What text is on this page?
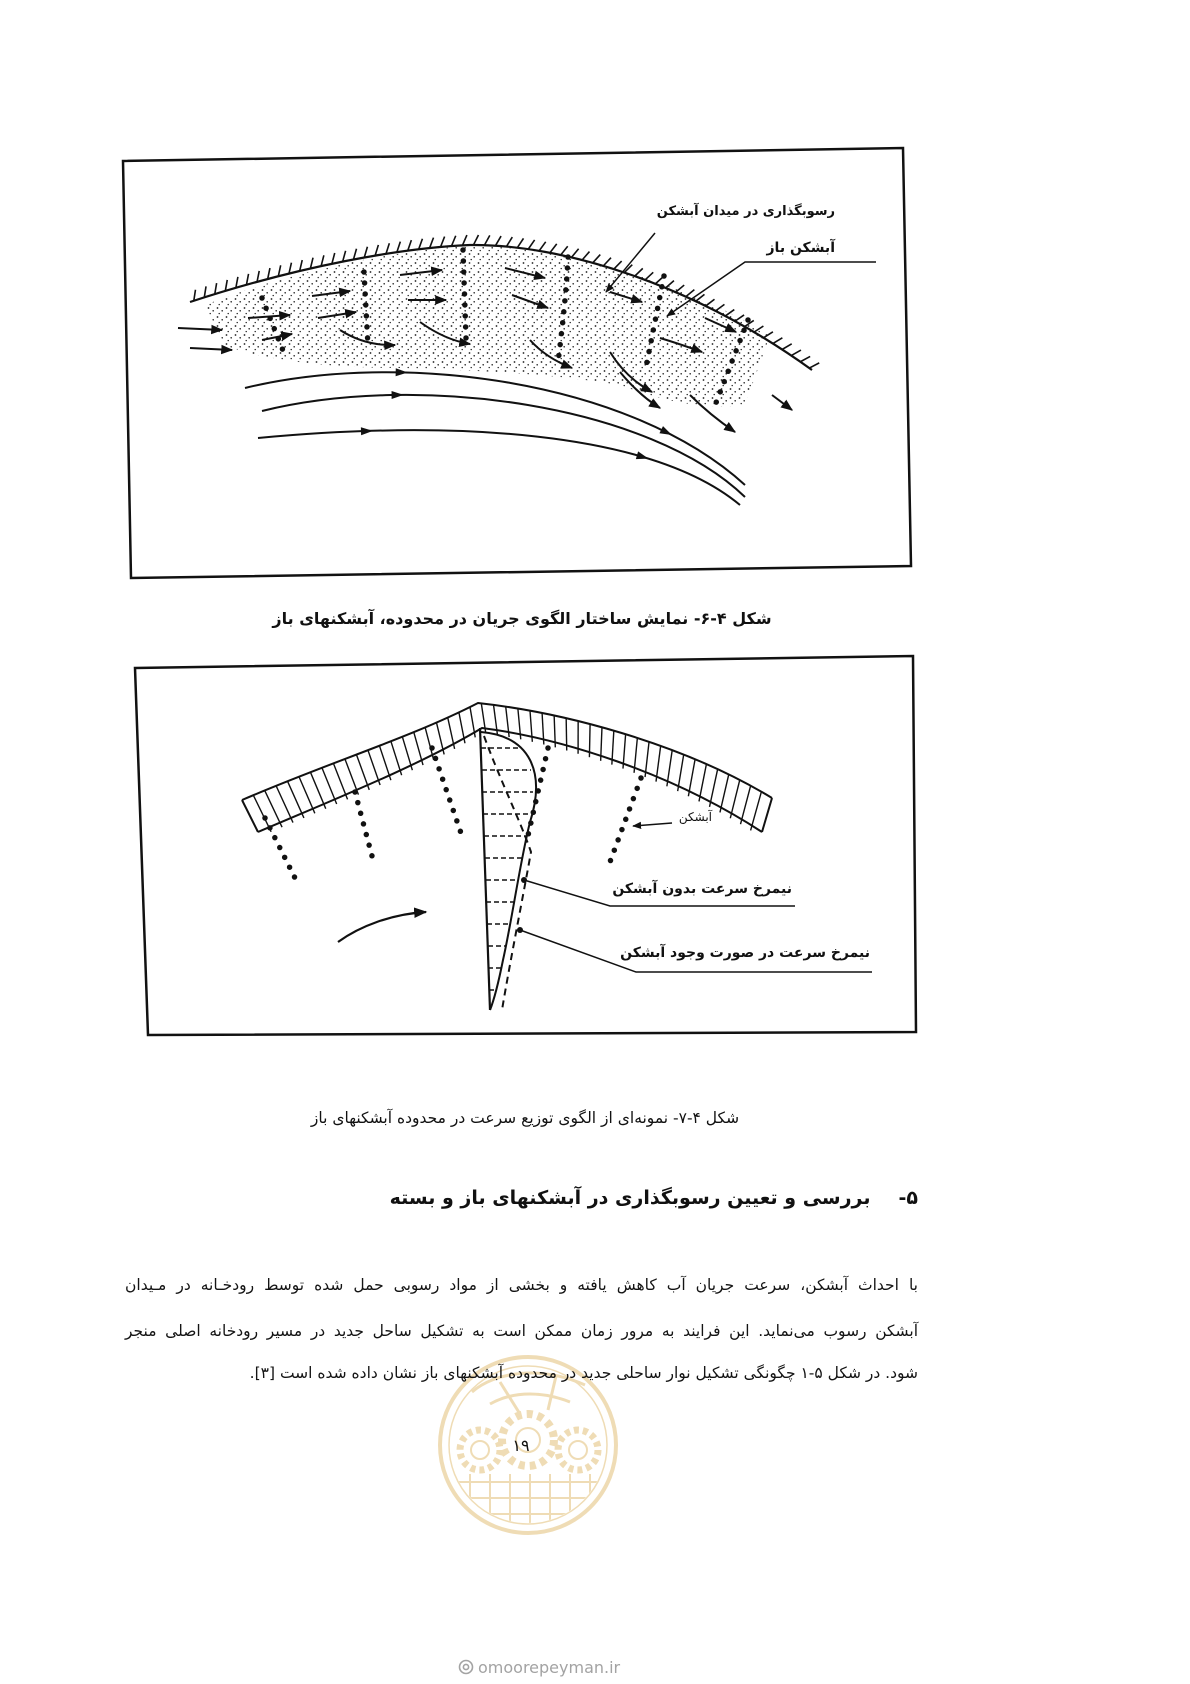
رسوبگذاری در میدان آبشکن
آبشکن باز
شکل ۴-۶- نمایش ساختار الگوی جریان در محدوده، آبشکنهای باز
آبشکن
نیمرخ سرعت بدون آبشکن
نیمرخ سرعت در صورت وجود آبشکن
شکل ۴-۷- نمونه‌ای از الگوی توزیع سرعت در محدوده آبشکنهای باز
۵-
بررسی و تعیین رسوبگذاری در آبشکنهای باز و بسته
با احداث آبشکن، سرعت جریان آب کاهش یافته و بخشی از مواد رسوبی حمل شده توسط رودخـانه در مـیدان
آبشکن رسوب می‌نماید. این فرایند به مرور زمان ممکن است به تشکیل ساحل جدید در مسیر رودخانه اصلی منجر
شود. در شکل ۵-۱ چگونگی تشکیل نوار ساحلی جدید در محدوده آبشکنهای باز نشان داده شده است [۳].
۱۹
omoorepeyman.ir
